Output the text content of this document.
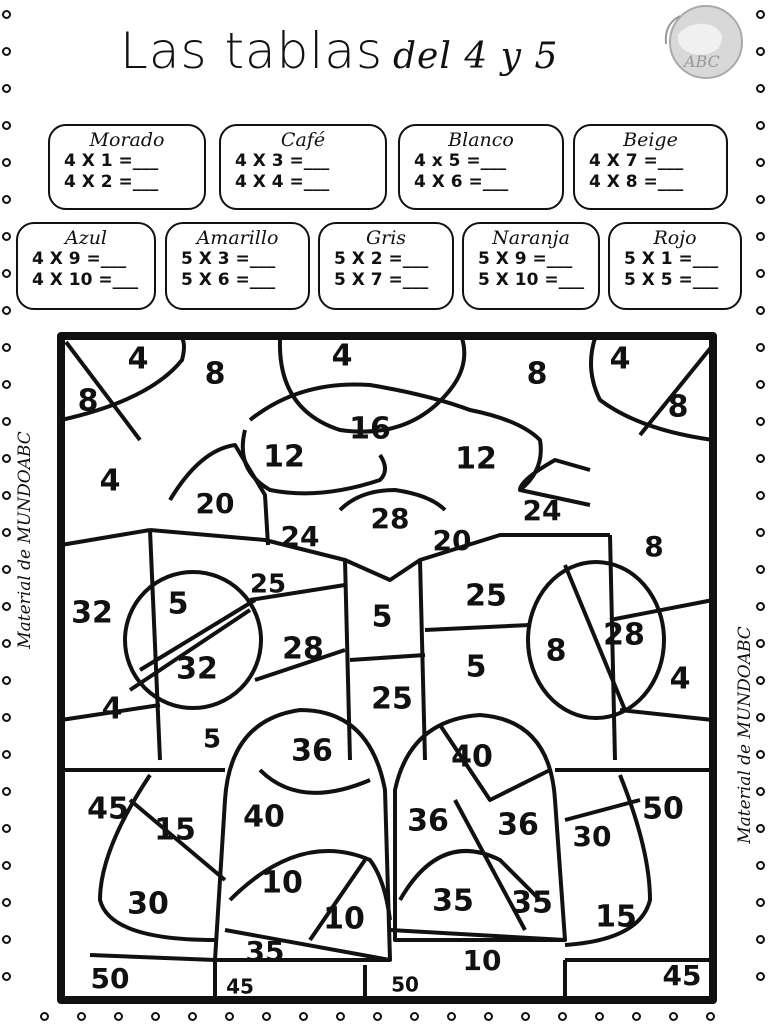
Las tablas del 4 y 5	ABC
Morado
4 X 1 =___
4 X 2 =___
Café
4 X 3 =___
4 X 4 =___
Blanco
4 x 5 =___
4 X 6 =___
Beige
4 X 7 =___
4 X 8 =___
Azul
4 X 9 =___
4 X 10 =___
Amarillo
5 X 3 =___
5 X 6 =___
Gris
5 X 2 =___
5 X 7 =___
Naranja
5 X 9 =___
5 X 10 =___
Rojo
5 X 1 =___
5 X 5 =___
Material de MUNDOABC
Material de MUNDOABC
4 8
4
8 4
8	8
4
16
12	12
20
24
28	24
20	8
32 5
25
28
32
5
25
8 28
5
25
4
4
5 36	40
45
15 40	36 36	50
30
10
30
10
35 35 15
35	10
50	45	50	45
